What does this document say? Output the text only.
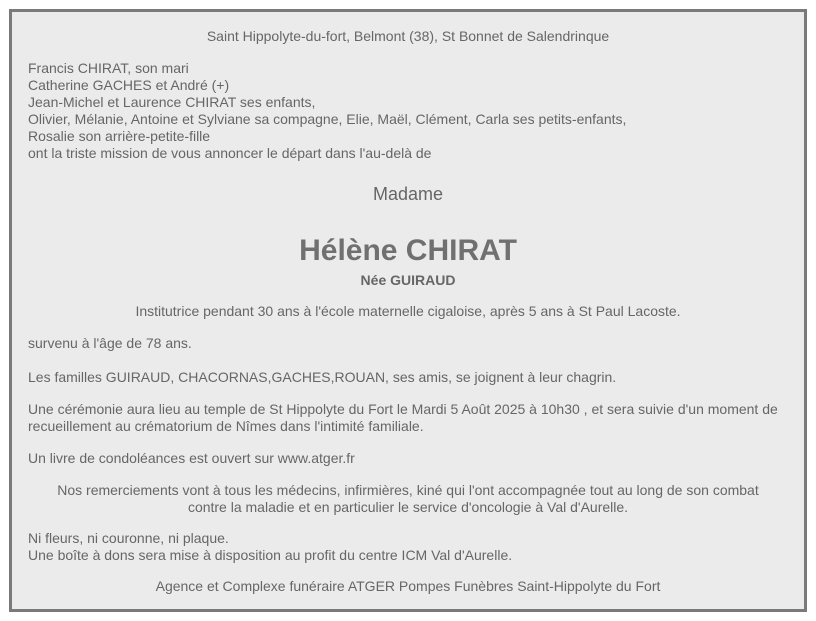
Saint Hippolyte-du-fort, Belmont (38), St Bonnet de Salendrinque

Francis CHIRAT, son mari
Catherine GACHES et André (+)
Jean-Michel et Laurence CHIRAT ses enfants,
Olivier, Mélanie, Antoine et Sylviane sa compagne, Elie, Maël, Clément, Carla ses petits-enfants,
Rosalie son arrière-petite-fille
ont la triste mission de vous annoncer le départ dans l'au-delà de

Madame

Hélène CHIRAT

Née GUIRAUD

Institutrice pendant 30 ans à l'école maternelle cigaloise, après 5 ans à St Paul Lacoste.

survenu à l'âge de 78 ans.

Les familles GUIRAUD, CHACORNAS,GACHES,ROUAN, ses amis, se joignent à leur chagrin.

Une cérémonie aura lieu au temple de St Hippolyte du Fort le Mardi 5 Août 2025 à 10h30 , et sera suivie d'un moment de recueillement au crématorium de Nîmes dans l'intimité familiale.

Un livre de condoléances est ouvert sur www.atger.fr

Nos remerciements vont à tous les médecins, infirmières, kiné qui l'ont accompagnée tout au long de son combat
contre la maladie et en particulier le service d'oncologie à Val d'Aurelle.
Ni fleurs, ni couronne, ni plaque.
Une boîte à dons sera mise à disposition au profit du centre ICM Val d'Aurelle.

Agence et Complexe funéraire ATGER Pompes Funèbres Saint-Hippolyte du Fort
